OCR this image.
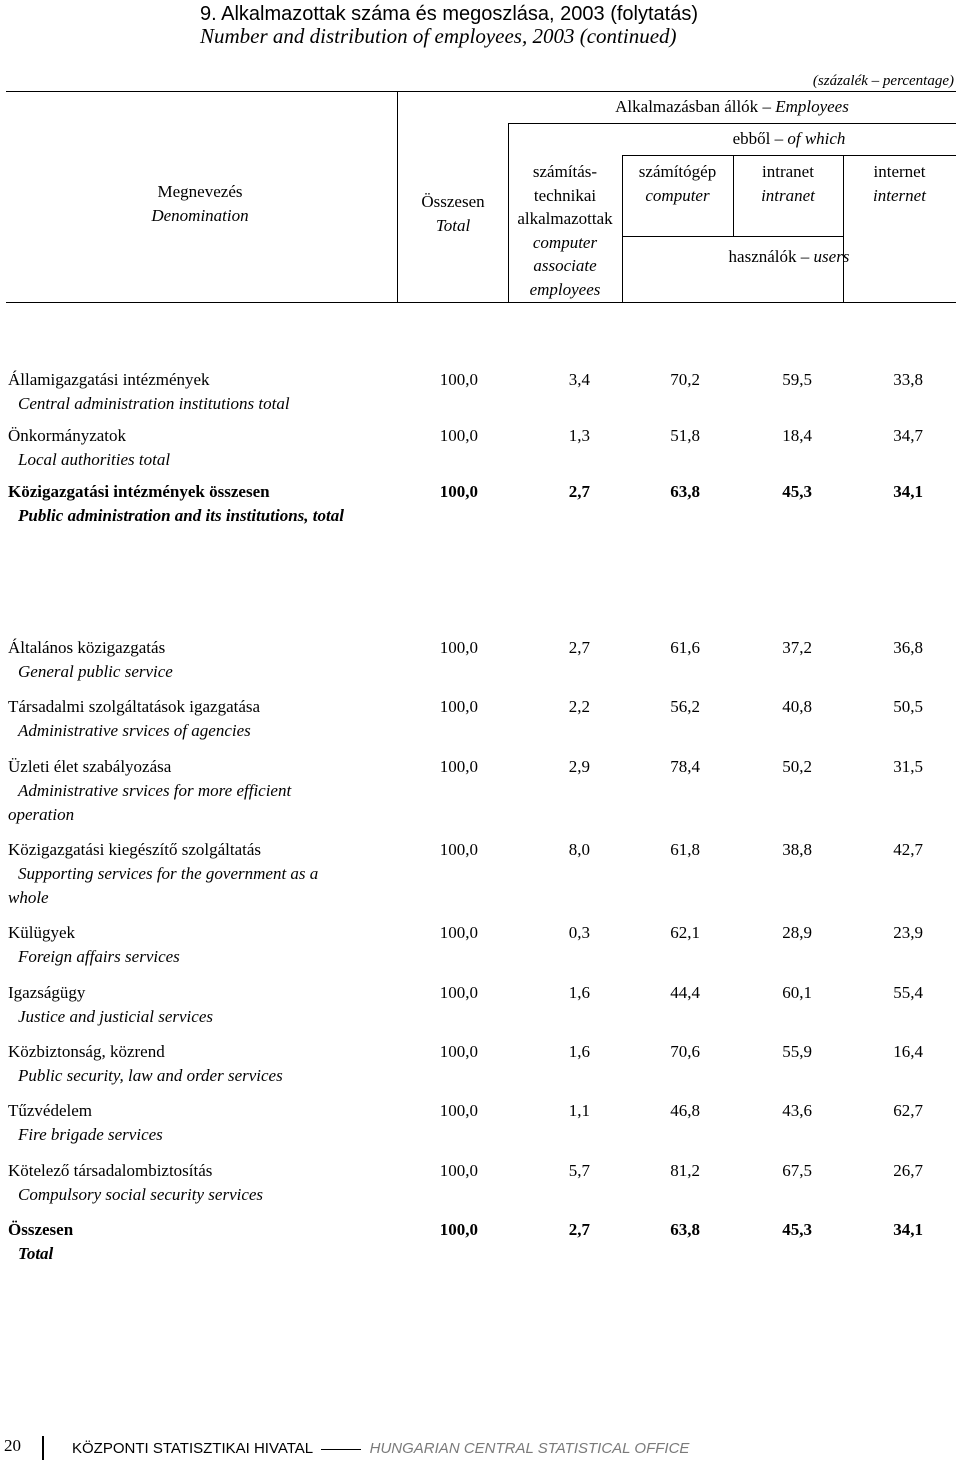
9. Alkalmazottak száma és megoszlása, 2003 (folytatás)
Number and distribution of employees, 2003 (continued)
(százalék – percentage)
Megnevezés
Denomination
Összesen
Total
Alkalmazásban állók – Employees
ebből – of which
számítás-
technikai
alkalmazottak
computer
associate
employees
számítógép
computer
intranet
intranet
internet
internet
használók – users
Államigazgatási intézmények
Central administration institutions total
100,0	3,4	70,2	59,5	33,8
Önkormányzatok
Local authorities total
100,0	1,3	51,8	18,4	34,7
Közigazgatási intézmények összesen
Public administration and its institutions, total
100,0	2,7	63,8	45,3	34,1
Általános közigazgatás
General public service
100,0	2,7	61,6	37,2	36,8
Társadalmi szolgáltatások igazgatása
Administrative srvices of agencies
100,0	2,2	56,2	40,8	50,5
Üzleti élet szabályozása
Administrative srvices for more efficient
operation
100,0	2,9	78,4	50,2	31,5
Közigazgatási kiegészítő szolgáltatás
Supporting services for the government as a
whole
100,0	8,0	61,8	38,8	42,7
Külügyek
Foreign affairs services
100,0	0,3	62,1	28,9	23,9
Igazságügy
Justice and justicial services
100,0	1,6	44,4	60,1	55,4
Közbiztonság, közrend
Public security, law and order services
100,0	1,6	70,6	55,9	16,4
Tűzvédelem
Fire brigade services
100,0	1,1	46,8	43,6	62,7
Kötelező társadalombiztosítás
Compulsory social security services
100,0	5,7	81,2	67,5	26,7
Összesen
Total
100,0	2,7	63,8	45,3	34,1
20	KÖZPONTI STATISZTIKAI HIVATAL	HUNGARIAN CENTRAL STATISTICAL OFFICE
